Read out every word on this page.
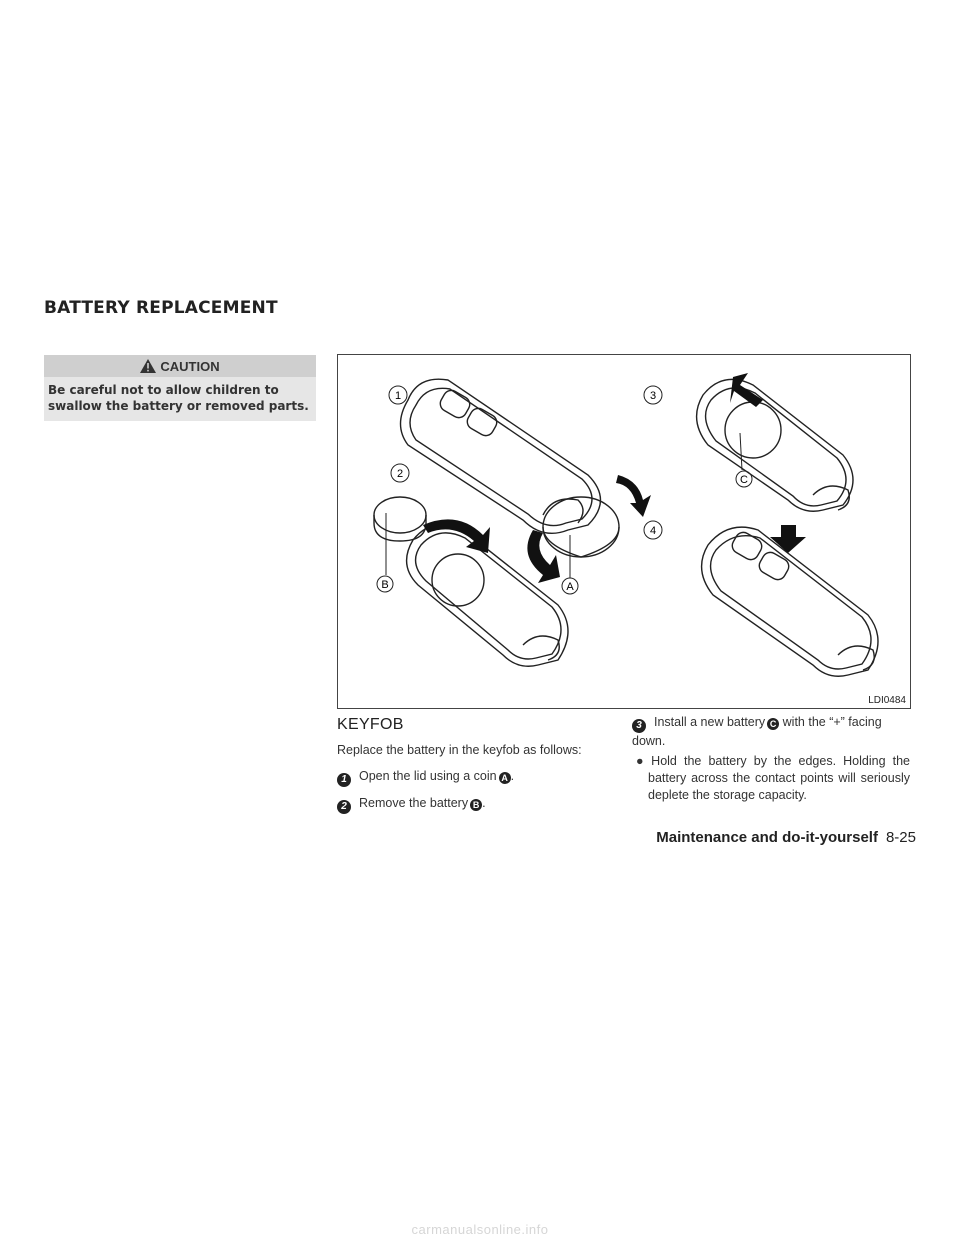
BATTERY REPLACEMENT
CAUTION
Be careful not to allow children to swallow the battery or removed parts.
1
2
3
4
B	A
C
LDI0484
KEYFOB
Replace the battery in the keyfob as follows:
1 Open the lid using a coin A .
2 Remove the battery B .
3 Install a new battery C with the “+” facing down.
● Hold the battery by the edges. Holding the battery across the contact points will seriously deplete the storage capacity.
Maintenance and do-it-yourself 8-25
carmanualsonline.info
